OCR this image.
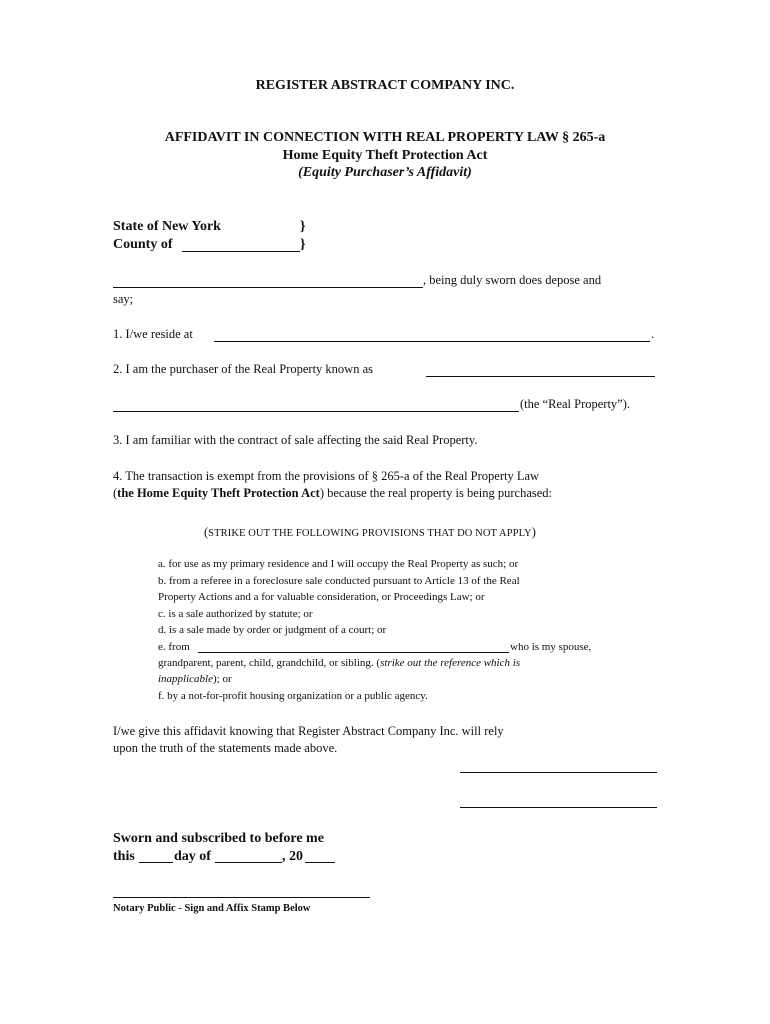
REGISTER ABSTRACT COMPANY INC.
AFFIDAVIT IN CONNECTION WITH REAL PROPERTY LAW § 265-a
Home Equity Theft Protection Act
(Equity Purchaser’s Affidavit)
State of New York	}
County of	}
, being duly sworn does depose and
say;
1. I/we reside at	.
2. I am the purchaser of the Real Property known as
(the “Real Property”).
3. I am familiar with the contract of sale affecting the said Real Property.
4. The transaction is exempt from the provisions of § 265-a of the Real Property Law
(the Home Equity Theft Protection Act) because the real property is being purchased:
(STRIKE OUT THE FOLLOWING PROVISIONS THAT DO NOT APPLY)
a. for use as my primary residence and I will occupy the Real Property as such; or
b. from a referee in a foreclosure sale conducted pursuant to Article 13 of the Real
Property Actions and a for valuable consideration, or Proceedings Law; or
c. is a sale authorized by statute; or
d. is a sale made by order or judgment of a court; or
e. from	who is my spouse,
grandparent, parent, child, grandchild, or sibling. (strike out the reference which is
inapplicable); or
f. by a not-for-profit housing organization or a public agency.
I/we give this affidavit knowing that Register Abstract Company Inc. will rely
upon the truth of the statements made above.
Sworn and subscribed to before me
this	day of	, 20
Notary Public - Sign and Affix Stamp Below
